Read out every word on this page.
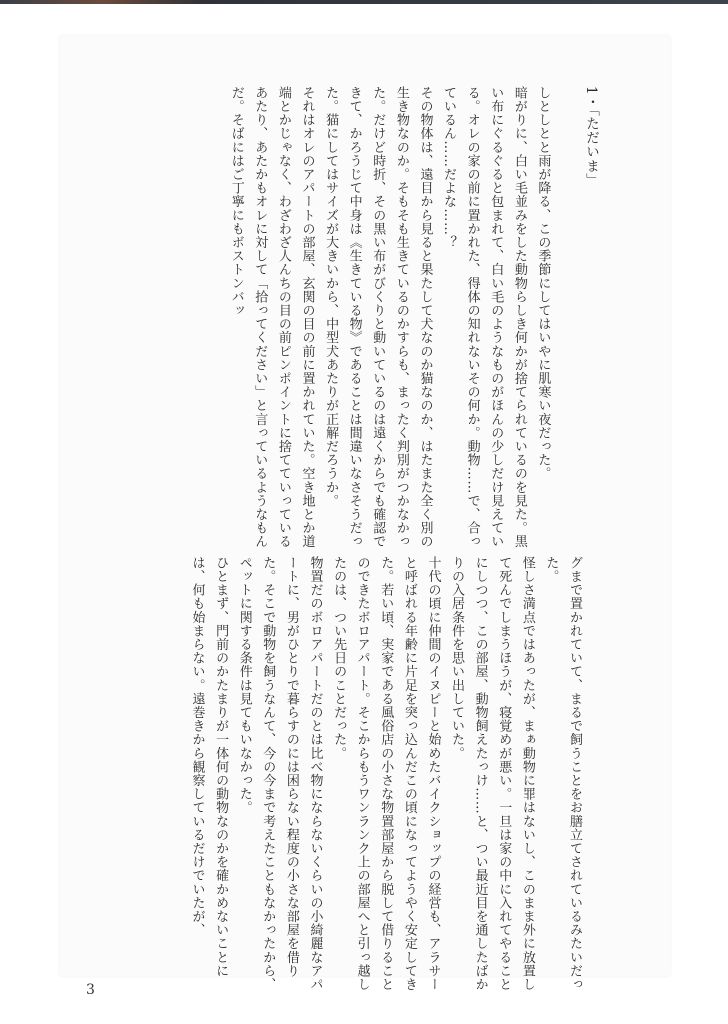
1・「ただいま」

しとしとと雨が降る、この季節にしてはいやに肌寒い夜だった。

暗がりに、白い毛並みをした動物らしき何かが捨てられているのを見た。黒い布にぐるぐると包まれて、白い毛のようなものがほんの少しだけ見えている。オレの家の前に置かれた、得体の知れないその何か。動物……で、合っているん……だよな……？

その物体は、遠目から見ると果たして犬なのか猫なのか、はたまた全く別の生き物なのか。そもそも生きているのかすらも、まったく判別がつかなかった。だけど時折、その黒い布がびくりと動いているのは遠くからでも確認できて、かろうじて中身は《生きている物》であることは間違いなさそうだった。猫にしてはサイズが大きいから、中型犬あたりが正解だろうか。

それはオレのアパートの部屋、玄関の目の前に置かれていた。空き地とか道端とかじゃなく、わざわざ人んちの目の前ピンポイントに捨てていっているあたり、あたかもオレに対して「拾ってください」と言っているようなもんだ。そばにはご丁寧にもボストンバッ

グまで置かれていて、まるで飼うことをお膳立てされているみたいだった。

怪しさ満点ではあったが、まぁ動物に罪はないし、このまま外に放置して死んでしまうほうが、寝覚めが悪い。一旦は家の中に入れてやることにしつつ、この部屋、動物飼えたっけ……と、つい最近目を通したばかりの入居条件を思い出していた。

十代の頃に仲間のイヌピーと始めたバイクショップの経営も、アラサーと呼ばれる年齢に片足を突っ込んだこの頃になってようやく安定してきた。若い頃、実家である風俗店の小さな物置部屋から脱して借りることのできたボロアパート。そこからもうワンランク上の部屋へと引っ越したのは、つい先日のことだった。

物置だのボロアパートだのとは比べ物にならないくらいの小綺麗なアパートに、男がひとりで暮らすのには困らない程度の小さな部屋を借りた。そこで動物を飼うなんて、今の今まで考えたこともなかったから、ペットに関する条件は見てもいなかった。

ひとまず、門前のかたまりが一体何の動物なのかを確かめないことには、何も始まらない。遠巻きから観察しているだけでいたが、

3
